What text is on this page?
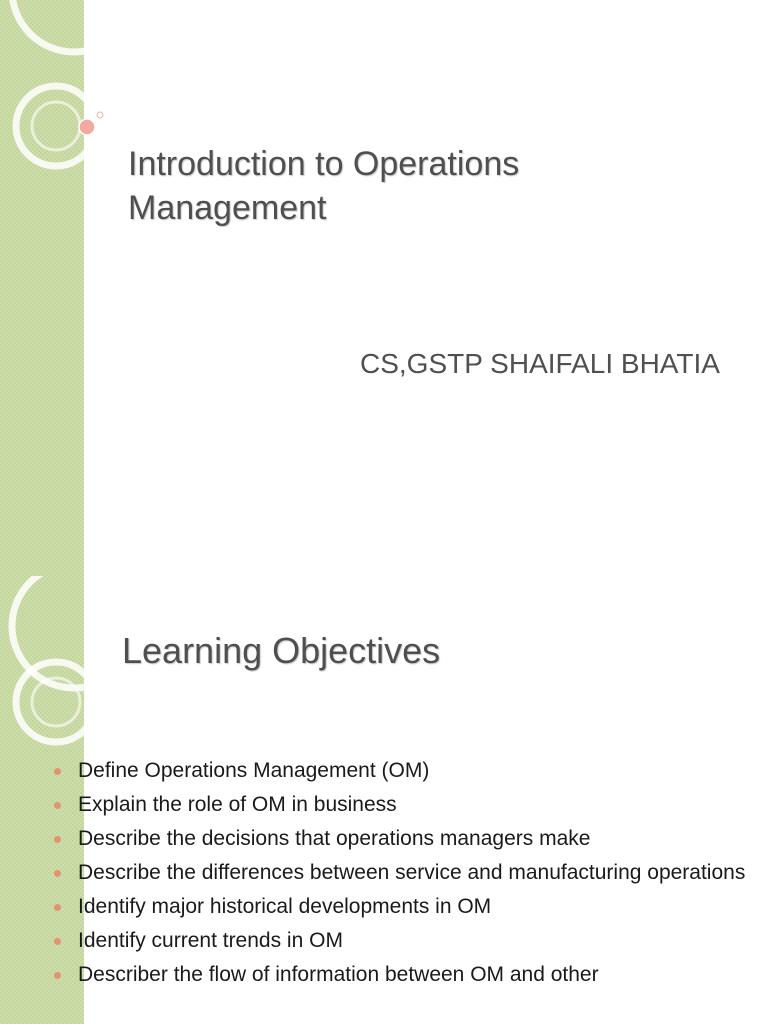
Introduction to Operations
Management
CS,GSTP SHAIFALI BHATIA
Learning Objectives
Define Operations Management (OM)
Explain the role of OM in business
Describe the decisions that operations managers make
Describe the differences between service and manufacturing operations
Identify major historical developments in OM
Identify current trends in OM
Describer the flow of information between OM and other
